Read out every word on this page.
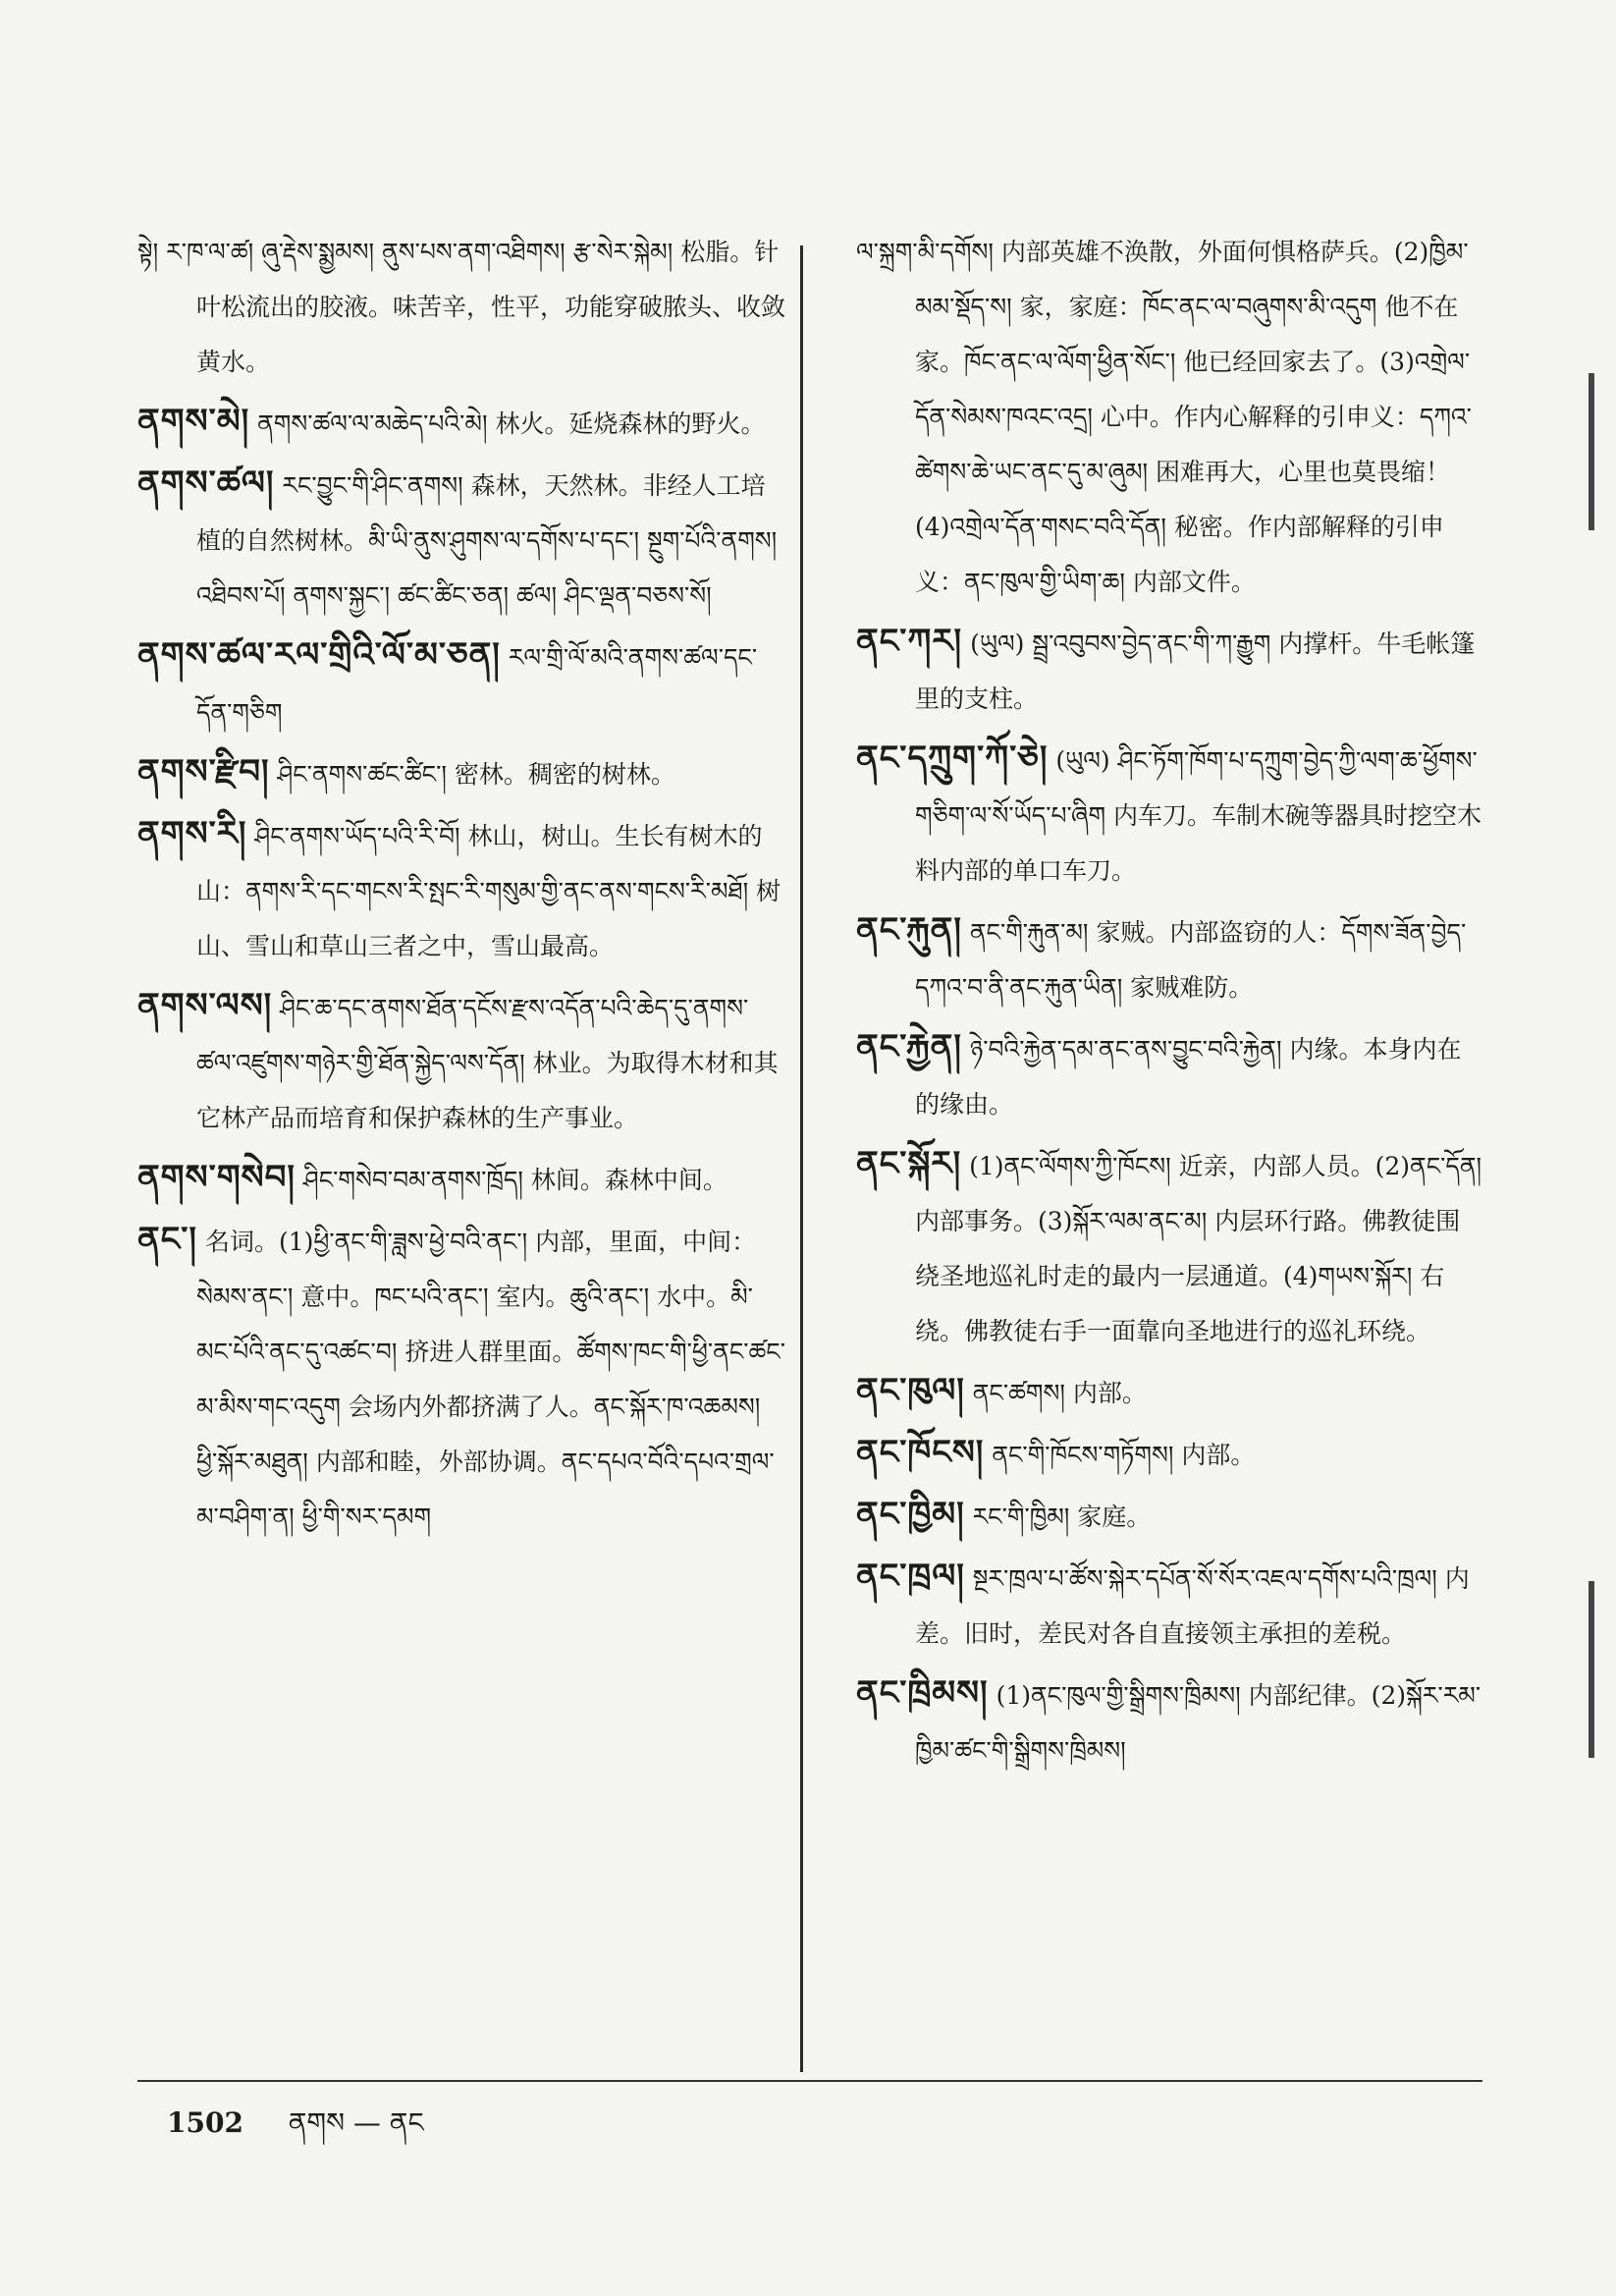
སྟེ། ར་ཁ་ལ་ཚ། ཞུ་རྡེས་སྨྱམས། ནུས་པས་ནག་འཐིགས། རྩ་སེར་སྐེམ། 松脂。针叶松流出的胶液。味苦辛，性平，功能穿破脓头、收敛黄水。
ནགས་མེ། ནགས་ཚལ་ལ་མཆེད་པའི་མེ། 林火。延烧森林的野火。
ནགས་ཚལ། རང་བྱུང་གི་ཤིང་ནགས། 森林，天然林。非经人工培植的自然树林。མི་ཡི་ནུས་ཤུགས་ལ་དགོས་པ་དང་། སྔུག་པོའི་ནགས། འཐིབས་པོ། ནགས་སྐྱང་། ཚང་ཚིང་ཅན། ཚལ། ཤིང་ལྡན་བཅས་སོ།
ནགས་ཚལ་རལ་གྲིའི་ལོ་མ་ཅན། རལ་གྲི་ལོ་མའི་ནགས་ཚལ་དང་དོན་གཅིག
ནགས་རྫིབ། ཤིང་ནགས་ཚང་ཚིང་། 密林。稠密的树林。
ནགས་རི། ཤིང་ནགས་ཡོད་པའི་རི་བོ། 林山，树山。生长有树木的山：ནགས་རི་དང་གངས་རི་སྤང་རི་གསུམ་གྱི་ནང་ནས་གངས་རི་མཐོ། 树山、雪山和草山三者之中，雪山最高。
ནགས་ལས། ཤིང་ཆ་དང་ནགས་ཐོན་དངོས་རྫས་འདོན་པའི་ཆེད་དུ་ནགས་ཚལ་འཛུགས་གཉེར་གྱི་ཐོན་སྐྱེད་ལས་དོན། 林业。为取得木材和其它林产品而培育和保护森林的生产事业。
ནགས་གསེབ། ཤིང་གསེབ་བམ་ནགས་ཁྲོད། 林间。森林中间。
ནང་། 名词。(1)ཕྱི་ནང་གི་ཟླས་ཕྱེ་བའི་ནང་། 内部，里面，中间：སེམས་ནང་། 意中。ཁང་པའི་ནང་། 室内。ཆུའི་ནང་། 水中。མི་མང་པོའི་ནང་དུ་འཚང་བ། 挤进人群里面。ཚོགས་ཁང་གི་ཕྱི་ནང་ཚང་མ་མིས་གང་འདུག 会场内外都挤满了人。ནང་སྐོར་ཁ་འཆམས། ཕྱི་སྐོར་མཐུན། 内部和睦，外部协调。ནང་དཔའ་བོའི་དཔའ་གྲལ་མ་བཤིག་ན། ཕྱི་གི་སར་དམག
ལ་སྐྲག་མི་དགོས། 内部英雄不涣散，外面何惧格萨兵。(2)ཁྱིམ་མམ་སྡོད་ས། 家，家庭：ཁོང་ནང་ལ་བཞུགས་མི་འདུག 他不在家。ཁོང་ནང་ལ་ལོག་ཕྱིན་སོང་། 他已经回家去了。(3)འགྲེལ་དོན་སེམས་ཁའང་འདྲ། 心中。作内心解释的引申义：དཀའ་ཚེགས་ཆེ་ཡང་ནང་དུ་མ་ཞུམ། 困难再大，心里也莫畏缩！(4)འགྲེལ་དོན་གསང་བའི་དོན། 秘密。作内部解释的引申义：ནང་ཁུལ་གྱི་ཡིག་ཆ། 内部文件。
ནང་ཀར། (ཡུལ) སྦྲ་འབུབས་བྱེད་ནང་གི་ཀ་རྒྱུག 内撑杆。牛毛帐篷里的支柱。
ནང་དཀྲུག་ཀོ་ཅེ། (ཡུལ) ཤིང་ཏོག་ཁོག་པ་དཀྲུག་བྱེད་ཀྱི་ལག་ཆ་ཕྱོགས་གཅིག་ལ་སོ་ཡོད་པ་ཞིག 内车刀。车制木碗等器具时挖空木料内部的单口车刀。
ནང་རྐུན། ནང་གི་རྐུན་མ། 家贼。内部盗窃的人：དོགས་ཟོན་བྱེད་དཀའ་བ་ནི་ནང་རྐུན་ཡིན། 家贼难防。
ནང་རྐྱེན། ཉེ་བའི་རྐྱེན་དམ་ནང་ནས་བྱུང་བའི་རྐྱེན། 内缘。本身内在的缘由。
ནང་སྐོར། (1)ནང་ལོགས་ཀྱི་ཁོངས། 近亲，内部人员。(2)ནང་དོན། 内部事务。(3)སྐོར་ལམ་ནང་མ། 内层环行路。佛教徒围绕圣地巡礼时走的最内一层通道。(4)གཡས་སྐོར། 右绕。佛教徒右手一面靠向圣地进行的巡礼环绕。
ནང་ཁུལ། ནང་ཚགས། 内部。
ནང་ཁོངས། ནང་གི་ཁོངས་གཏོགས། 内部。
ནང་ཁྱིམ། རང་གི་ཁྱིམ། 家庭。
ནང་ཁྲལ། སྔར་ཁྲལ་པ་ཚོས་སྐེར་དཔོན་སོ་སོར་འཇལ་དགོས་པའི་ཁྲལ། 内差。旧时，差民对各自直接领主承担的差税。
ནང་ཁྲིམས། (1)ནང་ཁུལ་གྱི་སྒྲིགས་ཁྲིམས། 内部纪律。(2)སྐོར་རམ་ཁྱིམ་ཚང་གི་སྒྲིགས་ཁྲིམས།
1502 ནགས — ནང
